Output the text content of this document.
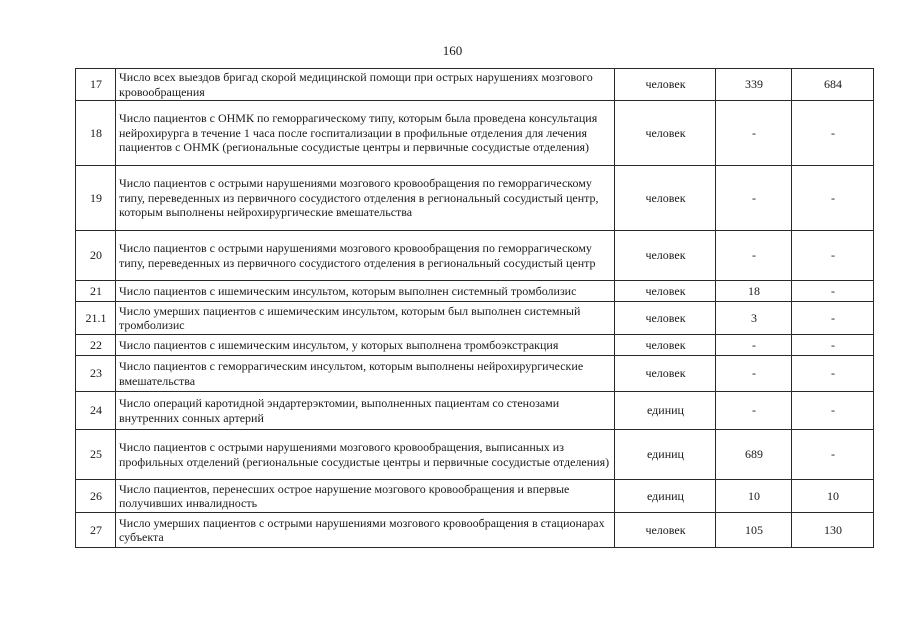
160
17	Число всех выездов бригад скорой медицинской помощи при острых нарушениях мозгового кровообращения	человек	339	684
18	Число пациентов с ОНМК по геморрагическому типу, которым была проведена консультация нейрохирурга в течение 1 часа после госпитализации в профильные отделения для лечения пациентов с ОНМК (региональные сосудистые центры и первичные сосудистые отделения)	человек	-	-
19	Число пациентов с острыми нарушениями мозгового кровообращения по геморрагическому типу, переведенных из первичного сосудистого отделения в региональный сосудистый центр, которым выполнены нейрохирургические вмешательства	человек	-	-
20	Число пациентов с острыми нарушениями мозгового кровообращения по геморрагическому типу, переведенных из первичного сосудистого отделения в региональный сосудистый центр	человек	-	-
21	Число пациентов с ишемическим инсультом, которым выполнен системный тромболизис	человек	18	-
21.1	Число умерших пациентов с ишемическим инсультом, которым был выполнен системный тромболизис	человек	3	-
22	Число пациентов с ишемическим инсультом, у которых выполнена тромбоэкстракция	человек	-	-
23	Число пациентов с геморрагическим инсультом, которым выполнены нейрохирургические вмешательства	человек	-	-
24	Число операций каротидной эндартерэктомии, выполненных пациентам со стенозами внутренних сонных артерий	единиц	-	-
25	Число пациентов с острыми нарушениями мозгового кровообращения, выписанных из профильных отделений (региональные сосудистые центры и первичные сосудистые отделения)	единиц	689	-
26	Число пациентов, перенесших острое нарушение мозгового кровообращения и впервые получивших инвалидность	единиц	10	10
27	Число умерших пациентов с острыми нарушениями мозгового кровообращения в стационарах субъекта	человек	105	130
